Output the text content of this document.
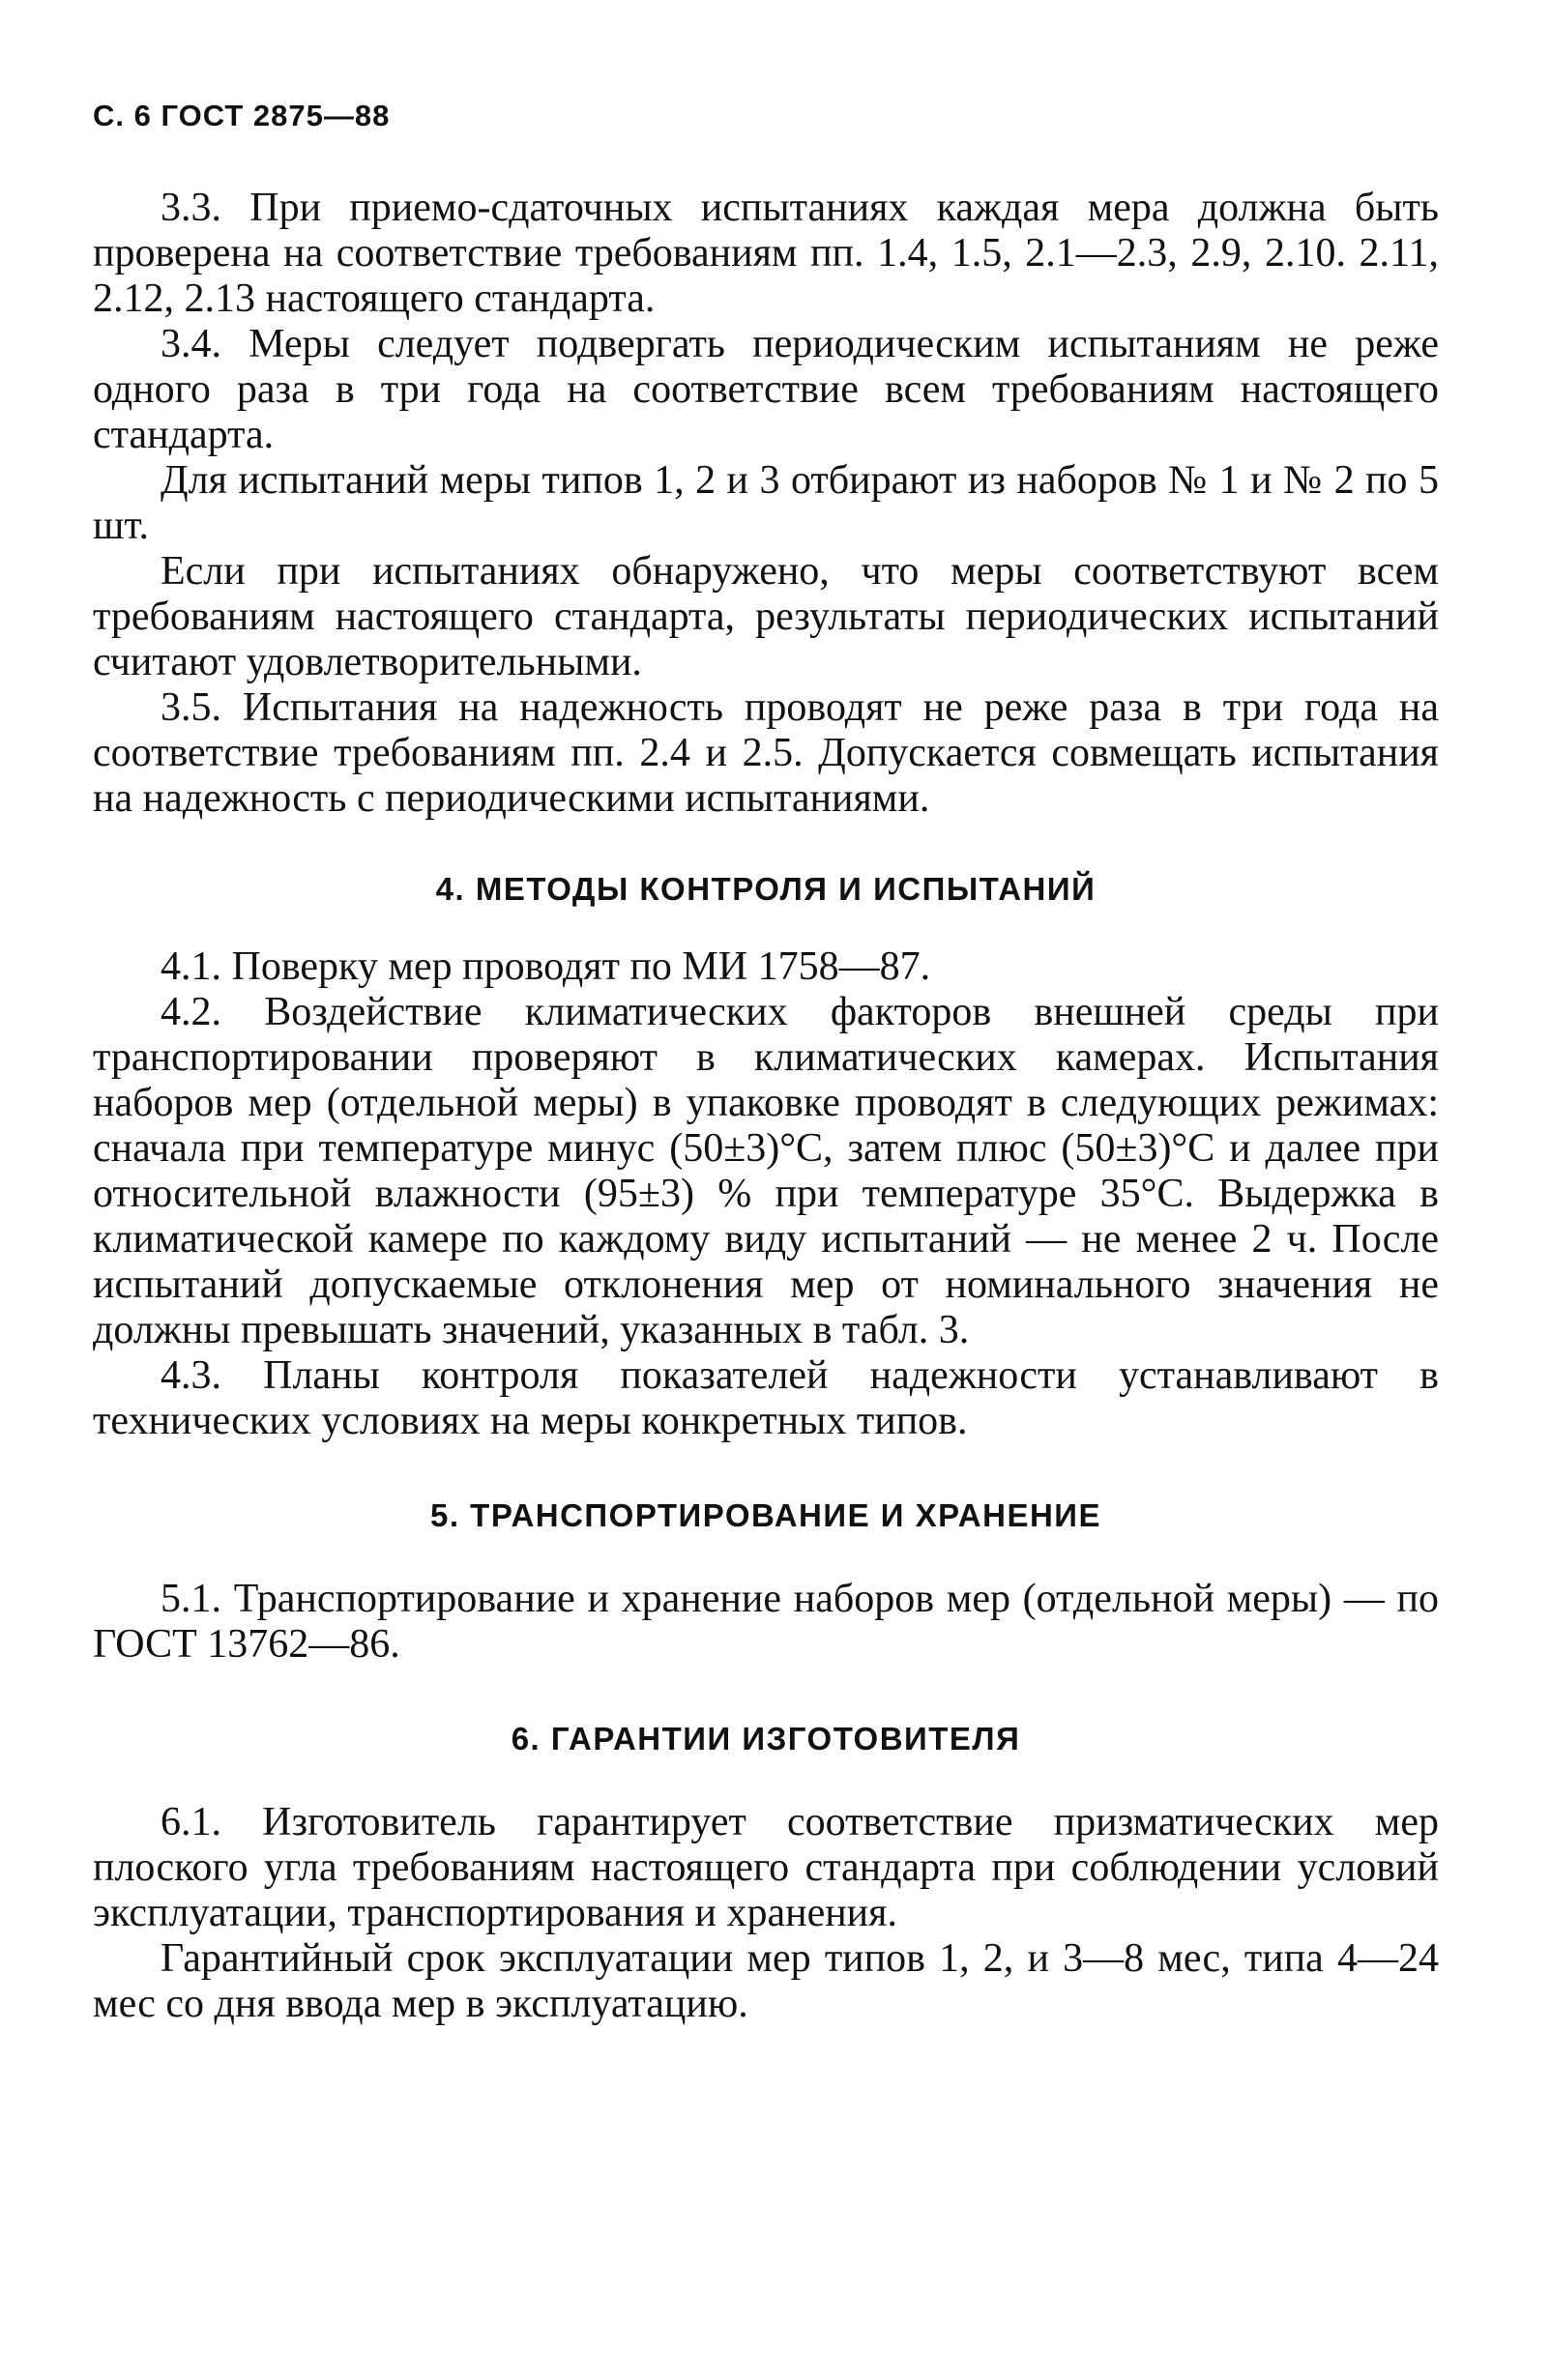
С. 6 ГОСТ 2875—88

3.3. При приемо-сдаточных испытаниях каждая мера должна быть проверена на соответствие требованиям пп. 1.4, 1.5, 2.1—2.3, 2.9, 2.10. 2.11, 2.12, 2.13 настоящего стандарта.

3.4. Меры следует подвергать периодическим испытаниям не реже одного раза в три года на соответствие всем требованиям настоящего стандарта.

Для испытаний меры типов 1, 2 и 3 отбирают из наборов № 1 и № 2 по 5 шт.

Если при испытаниях обнаружено, что меры соответствуют всем требованиям настоящего стандарта, результаты периодических испытаний считают удовлетворительными.

3.5. Испытания на надежность проводят не реже раза в три года на соответствие требованиям пп. 2.4 и 2.5. Допускается совмещать испытания на надежность с периодическими испытаниями.

4. МЕТОДЫ КОНТРОЛЯ И ИСПЫТАНИЙ

4.1. Поверку мер проводят по МИ 1758—87.

4.2. Воздействие климатических факторов внешней среды при транспортировании проверяют в климатических камерах. Испытания наборов мер (отдельной меры) в упаковке проводят в следующих режимах: сначала при температуре минус (50±3)°С, затем плюс (50±3)°С и далее при относительной влажности (95±3) % при температуре 35°С. Выдержка в климатической камере по каждому виду испытаний — не менее 2 ч. После испытаний допускаемые отклонения мер от номинального значения не должны превышать значений, указанных в табл. 3.

4.3. Планы контроля показателей надежности устанавливают в технических условиях на меры конкретных типов.

5. ТРАНСПОРТИРОВАНИЕ И ХРАНЕНИЕ

5.1. Транспортирование и хранение наборов мер (отдельной меры) — по ГОСТ 13762—86.

6. ГАРАНТИИ ИЗГОТОВИТЕЛЯ

6.1. Изготовитель гарантирует соответствие призматических мер плоского угла требованиям настоящего стандарта при соблюдении условий эксплуатации, транспортирования и хранения.

Гарантийный срок эксплуатации мер типов 1, 2, и 3—8 мес, типа 4—24 мес со дня ввода мер в эксплуатацию.
